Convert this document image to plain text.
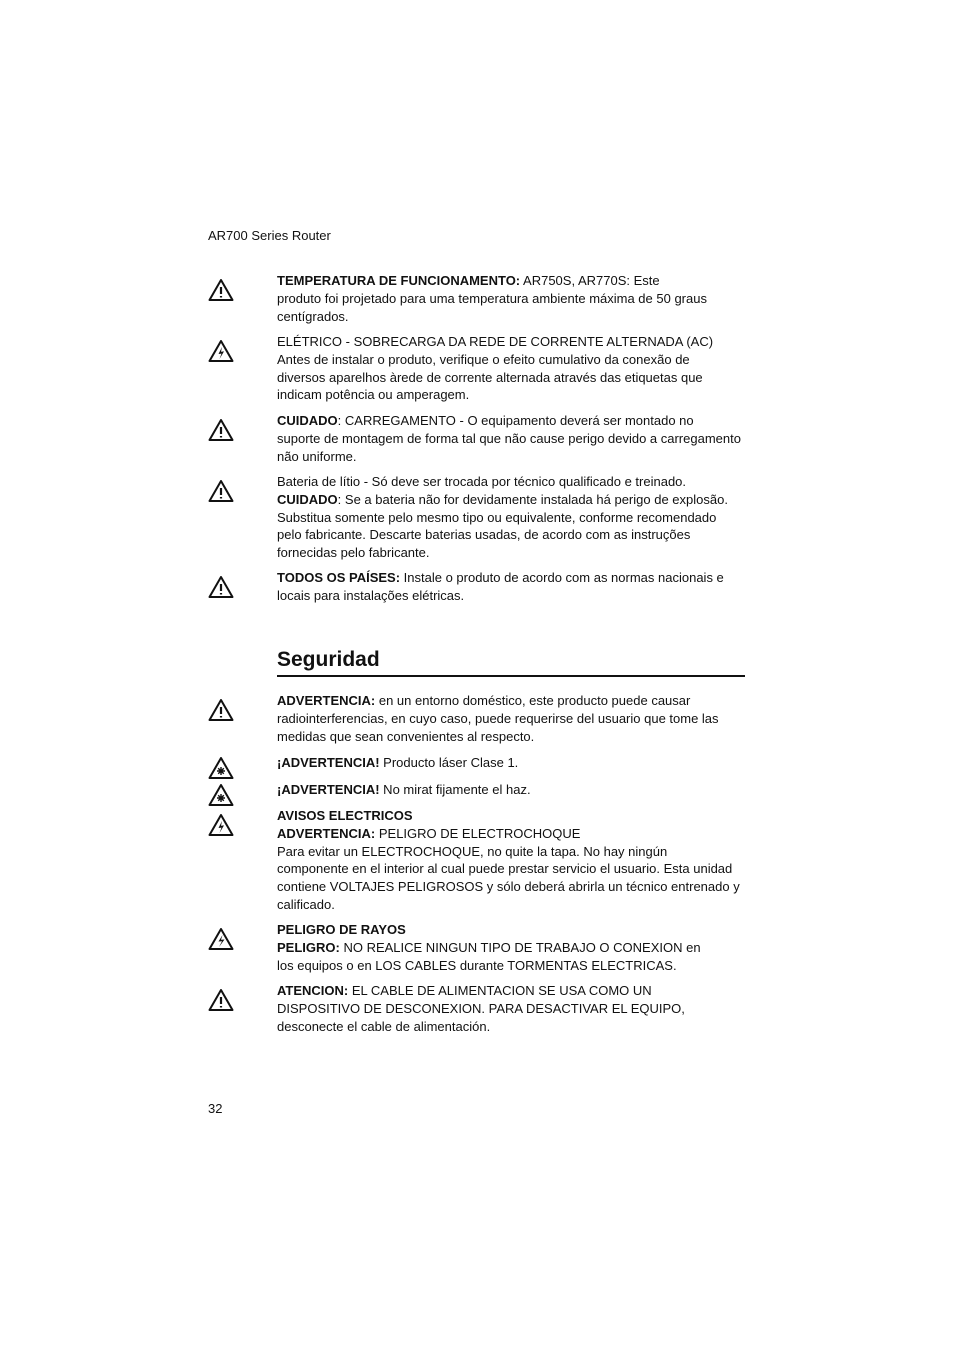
AR700 Series Router
TEMPERATURA DE FUNCIONAMENTO: AR750S, AR770S: Este
produto foi projetado para uma temperatura ambiente máxima de 50 graus
centígrados.
ELÉTRICO - SOBRECARGA DA REDE DE CORRENTE ALTERNADA (AC)
Antes de instalar o produto, verifique o efeito cumulativo da conexão de
diversos aparelhos àrede de corrente alternada através das etiquetas que
indicam potência ou amperagem.
CUIDADO: CARREGAMENTO - O equipamento deverá ser montado no
suporte de montagem de forma tal que não cause perigo devido a carregamento
não uniforme.
Bateria de lítio - Só deve ser trocada por técnico qualificado e treinado.
CUIDADO: Se a bateria não for devidamente instalada há perigo de explosão.
Substitua somente pelo mesmo tipo ou equivalente, conforme recomendado
pelo fabricante. Descarte baterias usadas, de acordo com as instruções
fornecidas pelo fabricante.
TODOS OS PAÍSES: Instale o produto de acordo com as normas nacionais e
locais para instalações elétricas.
Seguridad
ADVERTENCIA: en un entorno doméstico, este producto puede causar
radiointerferencias, en cuyo caso, puede requerirse del usuario que tome las
medidas que sean convenientes al respecto.
¡ADVERTENCIA! Producto láser Clase 1.
¡ADVERTENCIA! No mirat fijamente el haz.
AVISOS ELECTRICOS
ADVERTENCIA: PELIGRO DE ELECTROCHOQUE
Para evitar un ELECTROCHOQUE, no quite la tapa. No hay ningún
componente en el interior al cual puede prestar servicio el usuario. Esta unidad
contiene VOLTAJES PELIGROSOS y sólo deberá abrirla un técnico entrenado y
calificado.
PELIGRO DE RAYOS
PELIGRO: NO REALICE NINGUN TIPO DE TRABAJO O CONEXION en
los equipos o en LOS CABLES durante TORMENTAS ELECTRICAS.
ATENCION: EL CABLE DE ALIMENTACION SE USA COMO UN
DISPOSITIVO DE DESCONEXION. PARA DESACTIVAR EL EQUIPO,
desconecte el cable de alimentación.
32
